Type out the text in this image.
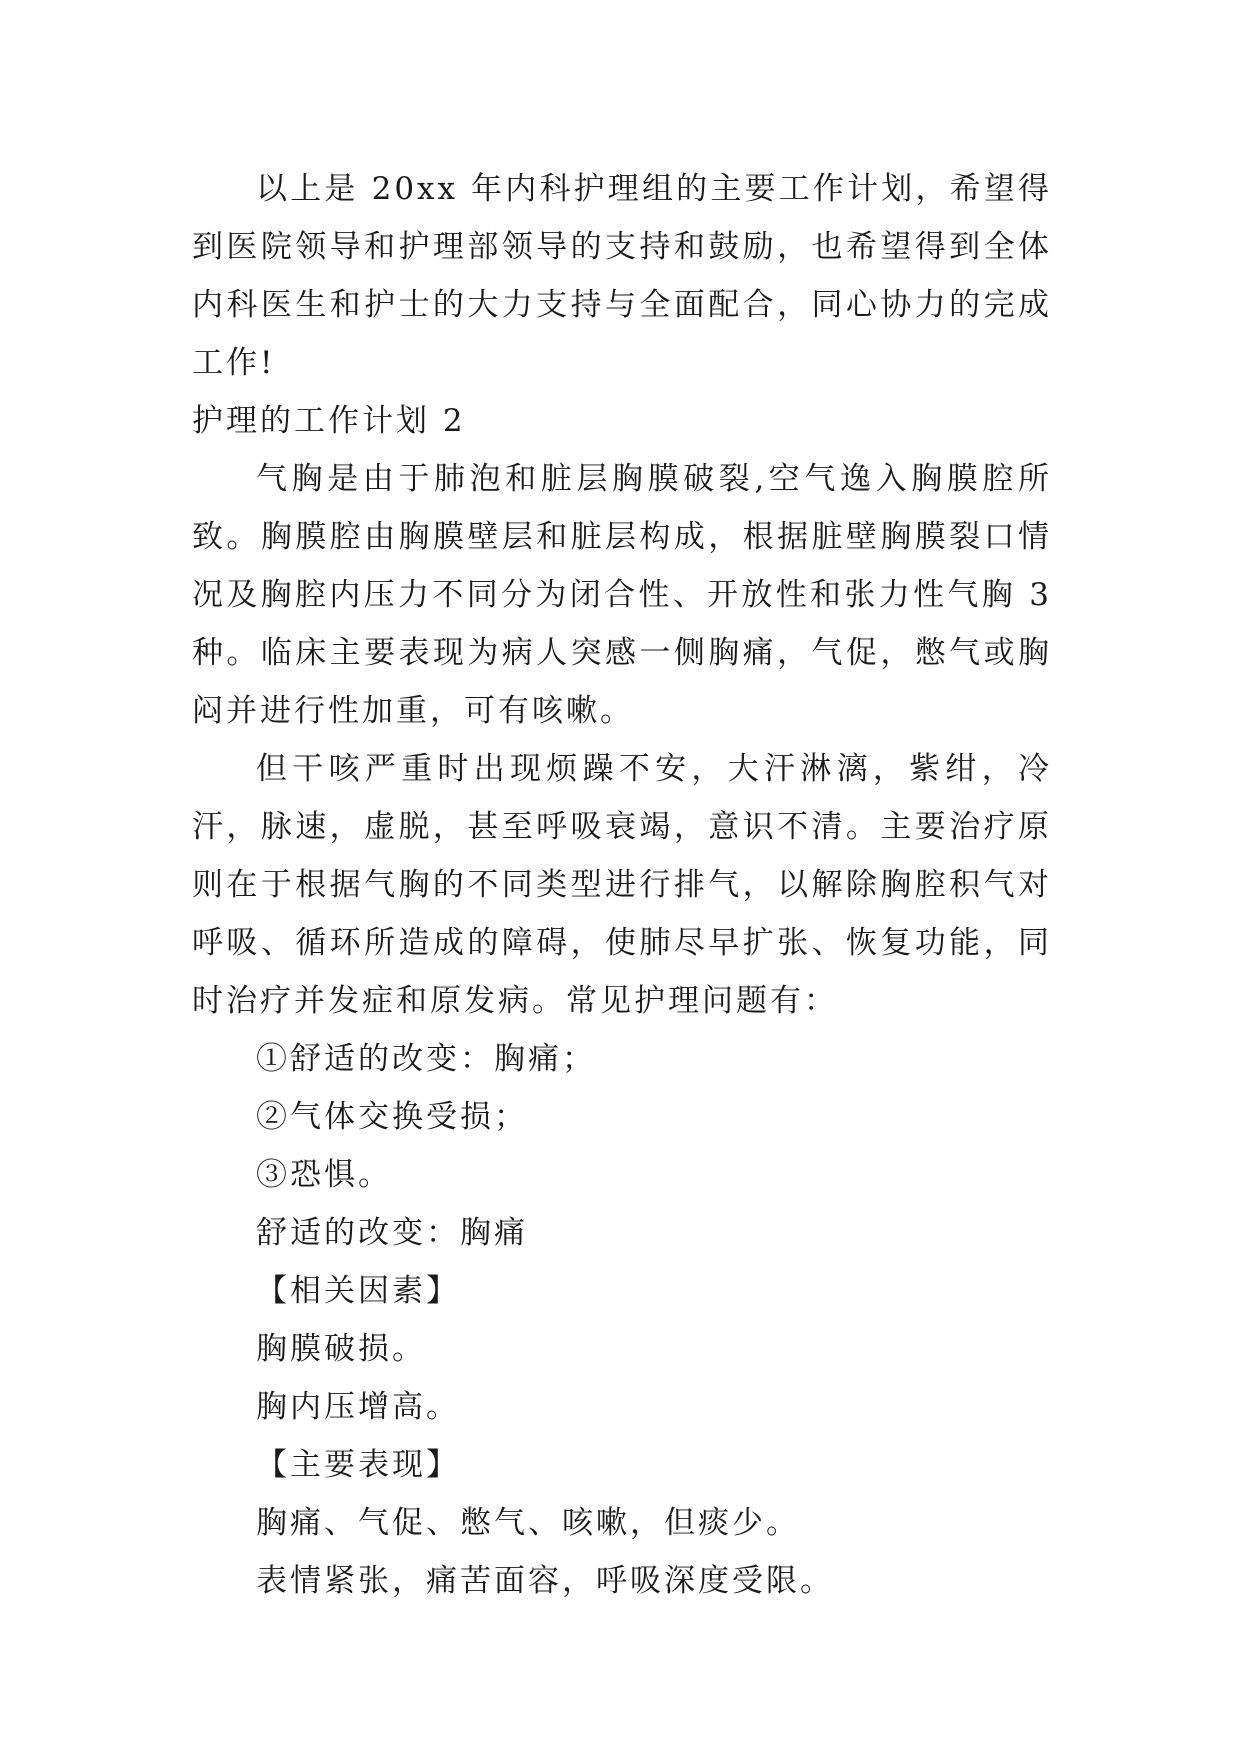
以上是 20xx 年内科护理组的主要工作计划，希望得到医院领导和护理部领导的支持和鼓励，也希望得到全体内科医生和护士的大力支持与全面配合，同心协力的完成工作!

护理的工作计划 2

气胸是由于肺泡和脏层胸膜破裂,空气逸入胸膜腔所致。胸膜腔由胸膜壁层和脏层构成，根据脏壁胸膜裂口情况及胸腔内压力不同分为闭合性、开放性和张力性气胸 3 种。临床主要表现为病人突感一侧胸痛，气促，憋气或胸闷并进行性加重，可有咳嗽。

但干咳严重时出现烦躁不安，大汗淋漓，紫绀，冷汗，脉速，虚脱，甚至呼吸衰竭，意识不清。主要治疗原则在于根据气胸的不同类型进行排气，以解除胸腔积气对呼吸、循环所造成的障碍，使肺尽早扩张、恢复功能，同时治疗并发症和原发病。常见护理问题有：

①舒适的改变：胸痛；

②气体交换受损；

③恐惧。

舒适的改变：胸痛

【相关因素】

胸膜破损。

胸内压增高。

【主要表现】

胸痛、气促、憋气、咳嗽，但痰少。

表情紧张，痛苦面容，呼吸深度受限。
